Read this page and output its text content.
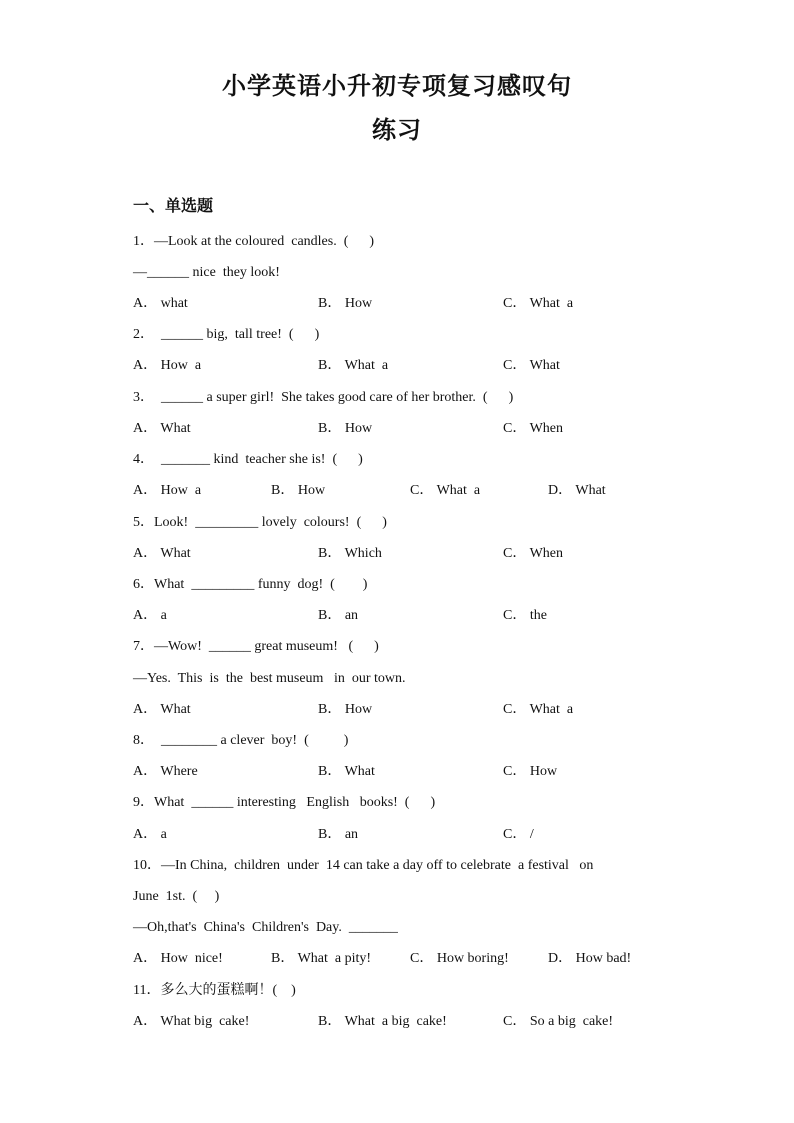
小学英语小升初专项复习感叹句
练习
一、单选题
1．—Look at the coloured  candles.  (      )
—______ nice  they look!
A． what	B． How	C． What  a
2．  ______ big,  tall tree!  (      )
A． How  a	B． What  a	C． What
3．  ______ a super girl!  She takes good care of her brother.  (      )
A． What	B． How	C． When
4．  _______ kind  teacher she is!  (      )
A． How  a	B． How	C． What  a	D． What
5．Look!  _________ lovely  colours!  (      )
A． What	B． Which	C． When
6．What  _________ funny  dog!  (        )
A． a	B． an	C． the
7．—Wow!  ______ great museum!   (      )
—Yes.  This  is  the  best museum   in  our town.
A． What	B． How	C． What  a
8．  ________ a clever  boy!  (          )
A． Where	B． What	C． How
9．What  ______ interesting   English   books!  (      )
A． a	B． an	C． /
10．—In China,  children  under  14 can take a day off to celebrate  a festival   on
June  1st.  (     )
—Oh,that's  China's  Children's  Day.  _______
A． How  nice!	B． What  a pity!	C． How boring!	D． How bad!
11．多么大的蛋糕啊！(    )
A． What big  cake!	B． What  a big  cake!	C． So a big  cake!
